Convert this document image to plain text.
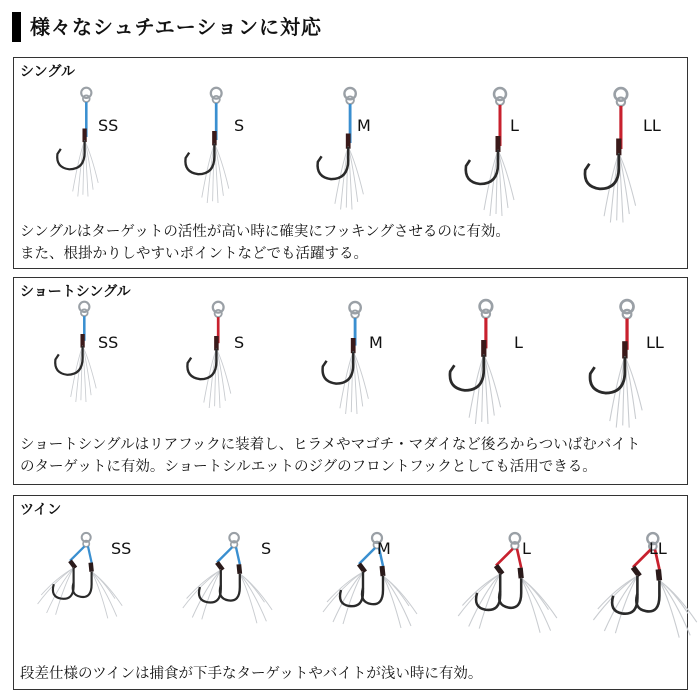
様々なシュチエーションに対応
シングル
SS	S	M	L	LL
シングルはターゲットの活性が高い時に確実にフッキングさせるのに有効。
また、根掛かりしやすいポイントなどでも活躍する。
ショートシングル
SS	S	M	L	LL
ショートシングルはリアフックに装着し、ヒラメやマゴチ・マダイなど後ろからついばむバイト
のターゲットに有効。ショートシルエットのジグのフロントフックとしても活用できる。
ツイン
SS	S	M	L	LL
段差仕様のツインは捕食が下手なターゲットやバイトが浅い時に有効。
